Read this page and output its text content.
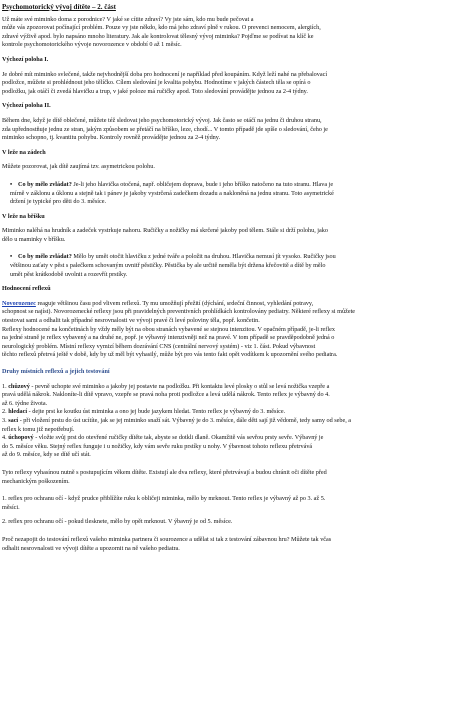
Psychomotorický vývoj dítěte – 2. část

Už máte své miminko doma z porodnice? V jaké se cítite zdraví? Vy jste sám, kdo mu bude pečovat a

může vás zpozorovat počínající problém. Pouze vy jste někdo, kdo má jeho zdraví plně v rukou. O prevenci nemocem, alergiích,

zdravé výživě apod. bylo napsáno mnoho literatury. Jak ale kontrolovat tělesný vývoj miminka? Pojďme se podívat na klíč ke

kontrole psychomotorického vývoje novorozence v období 0 až 1 měsíc.

Výchozí poloha I.

Je dobré mít miminko svlečené, takže nejvhodnější doba pro hodnocení je například před koupáním. Když leží nahé na přebalovací

podložce, můžete si prohlédnout jeho tělíčko. Cílem sledování je kvalita pohybu. Hodnotíme v jakých částech těla se opírá o

podložku, jak otáčí či zvedá hlavičku a trup, v jaké poloze má ručičky apod. Toto sledování provádějte jednou za 2-4 týdny.

Výchozí poloha II.

Během dne, když je dítě oblečené, můžete též sledovat jeho psychomotorický vývoj. Jak často se otáčí na jednu či druhou stranu,

zda upřednostňuje jednu ze stran, jakým způsobem se přetáčí na bříško, leze, chodí... V tomto případě jde spíše o sledování, čeho je

miminko schopno, tj. kvantitu pohybu. Kontroly rovněž provádějte jednou za 2-4 týdny.

V leže na zádech

Můžete pozorovat, jak dítě zaujímá tzv. asymetrickou polohu.

• Co by mělo zvládat? Je-li jeho hlavička otočená, např. obličejem doprava, bude i jeho bříško natočeno na tuto stranu. Hlava je

mírně v záklonu a úklonu a stejně tak i pánev je jakoby vystrčená zadečkem dozadu a nakloněná na jednu stranu. Toto asymetrické

držení je typické pro děti do 3. měsíce.

V leže na bříšku

Miminko naléhá na hrudník a zadeček vystrkuje nahoru. Ručičky a nožičky má skrčené jakoby pod tělem. Stále si drží polohu, jako

dělo u maminky v bříšku.

• Co by mělo zvládat? Mělo by umět otočit hlavičku z jedné tváře a položit na druhou. Hlavička nemusí jít vysoko. Ručičky jsou

většinou zaťaty v pěst s palečkem schovaným uvnitř pěstičky. Pěstička by ale určitě neměla být držena křečovitě a dítě by mělo

umět pěst krátkodobě uvolnit a rozevřít prstíky.

Hodnocení reflexů

Novorozenec reaguje většinou času pod vlivem reflexů. Ty mu umožňují přežití (dýchání, srdeční činnost, vyhledání potravy,

schopnost se najíst). Novorozenecké reflexy jsou při pravidelných preventivních prohlídkách kontrolovány pediatry. Některé reflexy si můžete

otestovat sami a odhalit tak případné nesrovnalosti ve vývoji pravé či levé poloviny těla, popř. končetin.

Reflexy hodnocené na končetinách by vždy měly být na obou stranách vybavené se stejnou intenzitou. V opačném případě, je-li reflex

na jedné straně je reflex vybavený a na druhé ne, popř. je výbavný intenzivněji než na pravé. V tom případě se pravděpodobně jedná o

neurologický problém. Místní reflexy vymizí během dozrávání CNS (centrální nervový systém) - viz 1. část. Pokud výbavnost

těchto reflexů přetrvá ještě v době, kdy by už měl být vyhasilý, může být pro vás tento fakt opět vodítkem k upozornění svého pediatra.

Druhy místních reflexů a jejich testování

1. chůzový - pevně uchopte své miminko a jakoby jej postavte na podložku. Při kontaktu levé plosky o stůl se levá nožička vzepře a

pravá udělá nákrok. Nakloníte-li dítě vpravo, vzepře se pravá noha proti podložce a levá udělá nákrok. Tento reflex je výbavný do 4.

až 6. týdne života.

2. hledací - dejte prst ke koutku úst miminka a ono jej bude jazykem hledat. Tento reflex je výbavný do 3. měsíce.

3. sací - při vložení prstu do úst ucítíte, jak se jej miminko snaží sát. Výbavný je do 3. měsíce, dále děti sají již vědomě, tedy samy od sebe, a

reflex k tomu již nepotřebují.

4. úchopový - vložte svůj prst do otevřené ručičky dítěte tak, abyste se dotkli dlaně. Okamžitě vás sevřou prsty sevře. Výbavný je

do 5. měsíce věku. Stejný reflex funguje i u nožičky, kdy vám sevře ruku prstíky u nohy. V ýbavnost tohoto reflexu přetrvává

až do 9. měsíce, kdy se dítě učí stát.

Tyto reflexy vyhasínou nutně s postupujícím věkem dítěte. Existují ale dva reflexy, které přetrvávají a budou chránit oči dítěte před

mechanickým poškozením.

1. reflex pro ochranu očí - když prudce přiblížíte ruku k obličeji miminka, mělo by mrknout. Tento reflex je výbavný až po 3. až 5.

měsíci.

2. reflex pro ochranu očí - pokud tlesknete, mělo by opět mrknout. V ýbavný je od 5. měsíce.

Proč nezapojit do testování reflexů vašeho miminka partnera či sourozence a udělat si tak z testování zábavnou hru? Můžete tak včas

odhalit nesrovnalosti ve vývoji dítěte a upozornit na ně vašeho pediatra.
